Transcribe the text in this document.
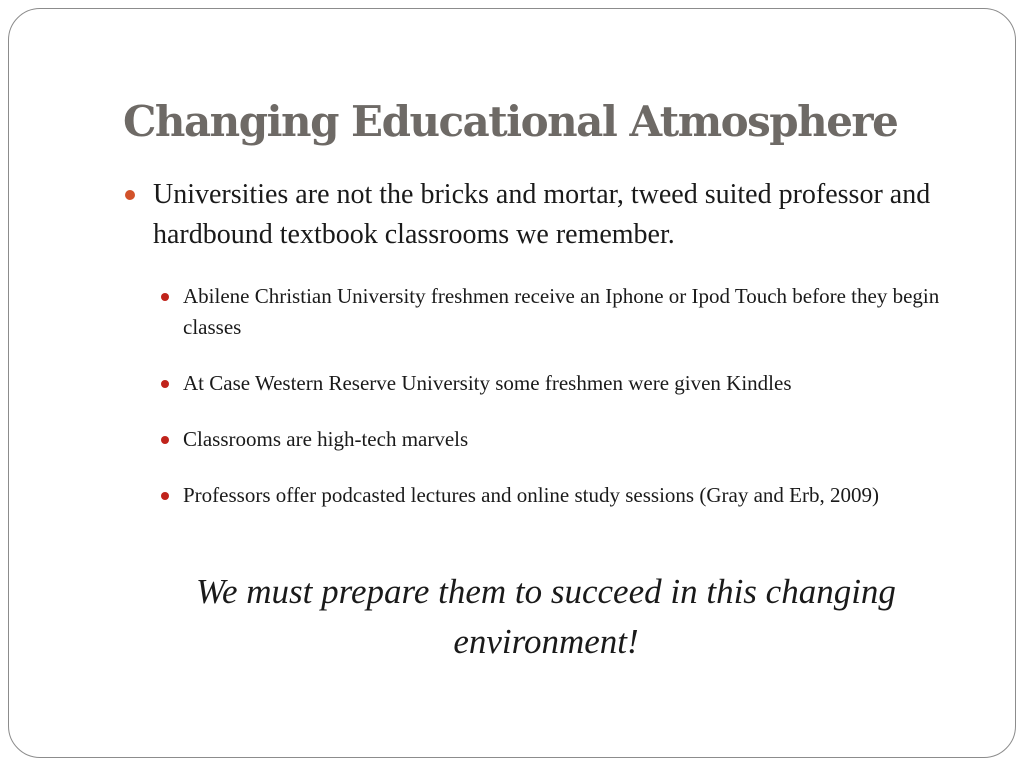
Changing Educational Atmosphere

Universities are not the bricks and mortar, tweed suited professor and hardbound textbook classrooms we remember.

Abilene Christian University freshmen receive an Iphone or Ipod Touch before they begin classes

At Case Western Reserve University some freshmen were given Kindles

Classrooms are high-tech marvels

Professors offer podcasted lectures and online study sessions (Gray and Erb, 2009)

We must prepare them to succeed in this changing environment!
